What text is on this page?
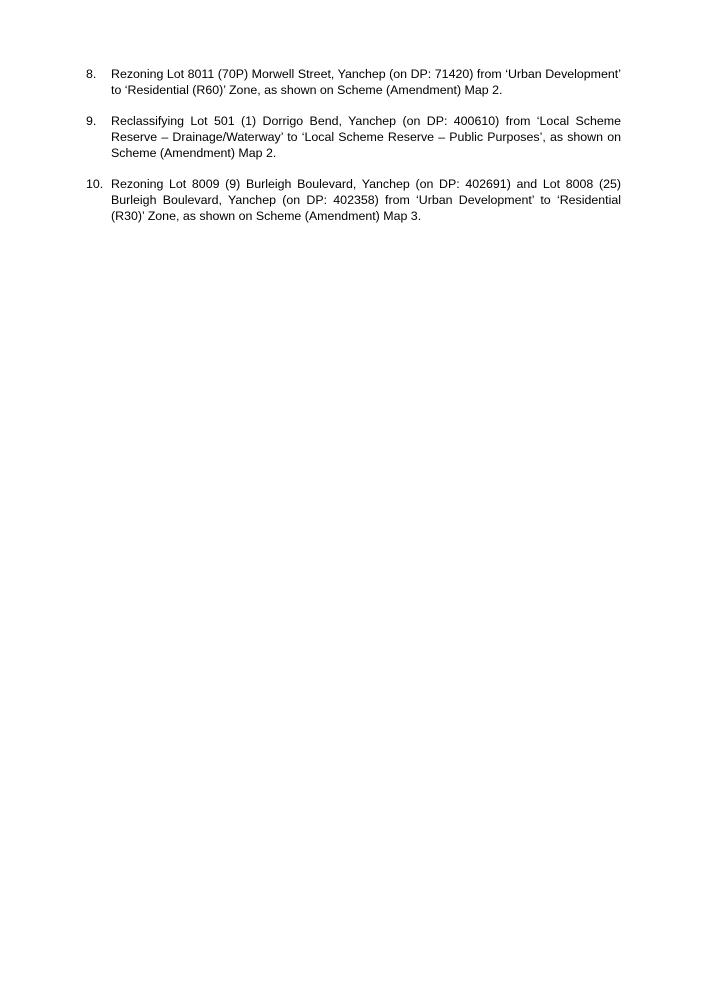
8. Rezoning Lot 8011 (70P) Morwell Street, Yanchep (on DP: 71420) from ‘Urban Development’ to ‘Residential (R60)’ Zone, as shown on Scheme (Amendment) Map 2.
9. Reclassifying Lot 501 (1) Dorrigo Bend, Yanchep (on DP: 400610) from ‘Local Scheme Reserve – Drainage/Waterway’ to ‘Local Scheme Reserve – Public Purposes’, as shown on Scheme (Amendment) Map 2.
10. Rezoning Lot 8009 (9) Burleigh Boulevard, Yanchep (on DP: 402691) and Lot 8008 (25) Burleigh Boulevard, Yanchep (on DP: 402358) from ‘Urban Development’ to ‘Residential (R30)’ Zone, as shown on Scheme (Amendment) Map 3.
